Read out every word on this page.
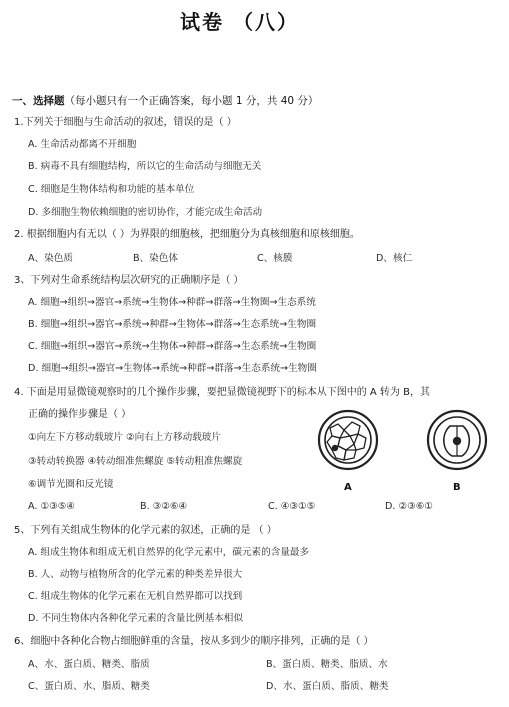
试卷 （八）
一、选择题（每小题只有一个正确答案，每小题 1 分，共 40 分）
1.下列关于细胞与生命活动的叙述，错误的是（ ）
A. 生命活动都离不开细胞
B. 病毒不具有细胞结构，所以它的生命活动与细胞无关
C. 细胞是生物体结构和功能的基本单位
D. 多细胞生物依赖细胞的密切协作，才能完成生命活动
2. 根据细胞内有无以（ ）为界限的细胞核，把细胞分为真核细胞和原核细胞。
A、染色质	B、染色体	C、核膜	D、核仁
3、下列对生命系统结构层次研究的正确顺序是（ ）
A. 细胞→组织→器官→系统→生物体→种群→群落→生物圈→生态系统
B. 细胞→组织→器官→系统→种群→生物体→群落→生态系统→生物圈
C. 细胞→组织→器官→系统→生物体→种群→群落→生态系统→生物圈
D. 细胞→组织→器官→生物体→系统→种群→群落→生态系统→生物圈
4. 下面是用显微镜观察时的几个操作步骤，要把显微镜视野下的标本从下图中的 A 转为 B，其
正确的操作步骤是（ ）
①向左下方移动载玻片 ②向右上方移动载玻片
③转动转换器 ④转动细准焦螺旋 ⑤转动粗准焦螺旋
⑥调节光圈和反光镜
A. ①③⑤④	B. ③②⑥④	C. ④③①⑤	D. ②③⑥①
A	B
5、下列有关组成生物体的化学元素的叙述，正确的是 （ ）
A. 组成生物体和组成无机自然界的化学元素中，碳元素的含量最多
B. 人、动物与植物所含的化学元素的种类差异很大
C. 组成生物体的化学元素在无机自然界都可以找到
D. 不同生物体内各种化学元素的含量比例基本相似
6、细胞中各种化合物占细胞鲜重的含量，按从多到少的顺序排列，正确的是（ ）
A、水、蛋白质、糖类、脂质	B、蛋白质、糖类、脂质、水
C、蛋白质、水、脂质、糖类	D、水、蛋白质、脂质、糖类
